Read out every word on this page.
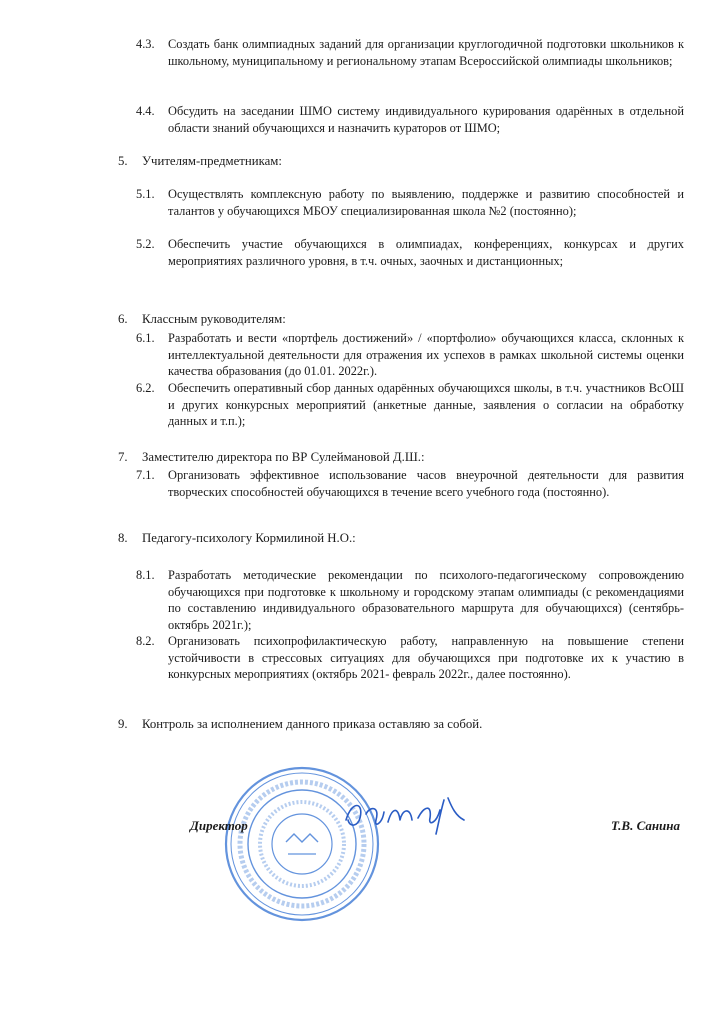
4.3.	Создать банк олимпиадных заданий для организации круглогодичной подготовки школьников к школьному, муниципальному и региональному этапам Всероссийской олимпиады школьников;
4.4.	Обсудить на заседании ШМО систему индивидуального курирования одарённых в отдельной области знаний обучающихся и назначить кураторов от ШМО;
5. Учителям-предметникам:
5.1.	Осуществлять комплексную работу по выявлению, поддержке и развитию способностей и талантов у обучающихся МБОУ специализированная школа №2 (постоянно);
5.2.	Обеспечить участие обучающихся в олимпиадах, конференциях, конкурсах и других мероприятиях различного уровня, в т.ч. очных, заочных и дистанционных;
6. Классным руководителям:
6.1.	Разработать и вести «портфель достижений» / «портфолио» обучающихся класса, склонных к интеллектуальной деятельности для отражения их успехов в рамках школьной системы оценки качества образования (до 01.01. 2022г.).
6.2.	Обеспечить оперативный сбор данных одарённых обучающихся школы, в т.ч. участников ВсОШ и других конкурсных мероприятий (анкетные данные, заявления о согласии на обработку данных и т.п.);
7. Заместителю директора по ВР Сулеймановой Д.Ш.:
7.1.	Организовать эффективное использование часов внеурочной деятельности для развития творческих способностей обучающихся в течение всего учебного года (постоянно).
8. Педагогу-психологу Кормилиной Н.О.:
8.1.	Разработать методические рекомендации по психолого-педагогическому сопровождению обучающихся при подготовке к школьному и городскому этапам олимпиады (с рекомендациями по составлению индивидуального образовательного маршрута для обучающихся) (сентябрь-октябрь 2021г.);
8.2.	Организовать психопрофилактическую работу, направленную на повышение степени устойчивости в стрессовых ситуациях для обучающихся при подготовке их к участию в конкурсных мероприятиях (октябрь 2021- февраль 2022г., далее постоянно).
9. Контроль за исполнением данного приказа оставляю за собой.
Директор	Т.В. Санина
